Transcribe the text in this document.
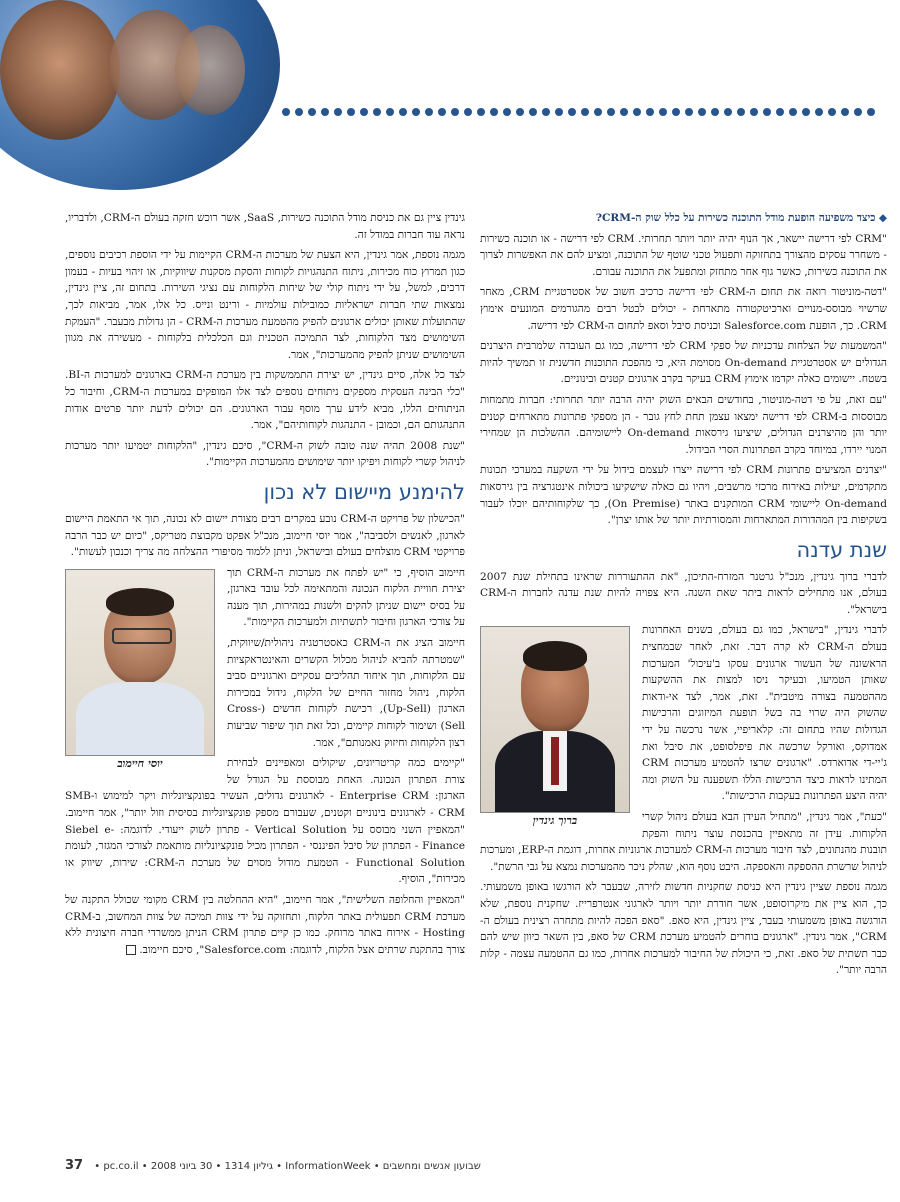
◆ כיצד משפיעה הופעת מודל התוכנה כשירות על כלל שוק ה-CRM?

"CRM לפי דרישה יישאר, אך הנוף יהיה יותר ויותר תחרותי. CRM לפי דרישה - או תוכנה כשירות - משחרר עסקים מהצורך בתחזוקה ותפעול טכני שוטף של התוכנה, ומציע להם את האפשרות לצרוך את התוכנה כשירות, כאשר גוף אחר מתחזק ומתפעל את התוכנה עבורם.

"דטה-מוניטור רואה את תחום ה-CRM לפי דרישה כרכיב חשוב של אסטרטגיית CRM, מאחר שרשיוי מבוסס-מנויים וארכיטקטורה מתארחת - יכולים לבטל רבים מהגורמים המונעים אימוץ CRM. כך, הופעת Salesforce.com וכניסת סיבל וסאפ לתחום ה-CRM לפי דרישה.

"המשמעות של הצלחות עדכניות של ספקי CRM לפי דרישה, כמו גם העובדה שלמרבית היצרנים הגדולים יש אסטרטגיית On-demand מסוימת היא, כי מהפכת התוכנות חדשנית זו תמשיך להיות בשטח. יישומים כאלה יקדמו אימוץ CRM בעיקר בקרב ארגונים קטנים ובינוניים.

"עם זאת, על פי דטה-מוניטור, בחודשים הבאים השוק יהיה הרבה יותר תחרותי: חברות מתמחות מבוססות ב-CRM לפי דרישה ימצאו עצמן תחת לחץ גובר - הן מספקי פתרונות מתארחים קטנים יותר והן מהיצרנים הגדולים, שיציעו גירסאות On-demand ליישומיהם. ההשלכות הן שמחירי המנוי יירדו, במיוחד בקרב הפתרונות הסרי הבידול.

"יצרנים המציעים פתרונות CRM לפי דרישה ייצרו לעצמם בידול על ידי השקעה במערכי תכונות מתקדמים, יעילות באירוח מרכזי מרשבים, ויהיו גם כאלה שישקיעו ביכולות אינטגרציה בין גירסאות On-demand ליישומי CRM המותקנים באתר (On Premise), כך שלקוחותיהם יוכלו לעבור בשקיפות בין המהדורות המתארחות והמסורתיות יותר של אותו יצרן".

שנת עדנה

לדברי ברוך גינדין, מנכ"ל גרטנר המזרח-התיכון, "את ההתעוררות שראינו בתחילת שנת 2007 בעולם, אנו מתחילים לראות ביתר שאת השנה. היא צפויה להיות שנת עדנה לחברות ה-CRM בישראל".

ברוך גינדין

לדברי גינדין, "בישראל, כמו גם בעולם, בשנים האחרונות בעולם ה-CRM לא קרה דבר. זאת, לאחר שבמחצית הראשונה של העשור ארגונים עסקו ב'עיכול' המערכות שאותן הטמיעו, ובעיקר ניסו למצות את ההשקעות מההטמעה בצורה מיטבית". זאת, אמר, לצד אי-ודאות שהשוק היה שרוי בה בשל תופעת המיזוגים והרכישות הגדולות שהיו בתחום זה: קלאריפיי, אשר נרכשה על ידי אמדוקס, ואורקל שרכשה את פיפלסופט, את סיבל ואת ג'יי-די אדוארדס. "ארגונים שרצו להטמיע מערכות CRM המתינו לראות כיצד הרכישות הללו תשפענה על השוק ומה יהיה היצע הפתרונות בעקבות הרכישות".

"כעת", אמר גינדין, "מתחיל העידן הבא בעולם ניהול קשרי הלקוחות. עידן זה מתאפיין בהכנסת עוצר ניתוח והפקת תובנות מהנתונים, לצד חיבור מערכות ה-CRM למערכות ארגוניות אחרות, דוגמת ה-ERP, ומערכות לניהול שרשרת ההספקה והאספקה. היבט נוסף הוא, שהלק ניכר מהמערכות נמצא על גבי הרשת".

מגמה נוספת שציין גינדין היא כניסת שחקניות חדשות לזירה, שבעבר לא הורגשו באופן משמעותי. כך, הוא ציין את מיקרוסופט, אשר חודרת יותר ויותר לארגוני אנטרפרייז. שחקנית נוספת, שלא הורגשה באופן משמעותי בעבר, ציין גינדין, היא סאפ. "סאפ הפכה להיות מתחרה רצינית בעולם ה-CRM", אמר גינדין. "ארגונים בוחרים להטמיע מערכת CRM של סאפ, בין השאר כיוון שיש להם כבר תשתית של סאפ. זאת, כי היכולת של החיבור למערכות אחרות, כמו גם ההטמעה עצמה - קלות הרבה יותר".

גינדין ציין גם את כניסת מודל התוכנה כשירות, SaaS, אשר רוכש חזקה בעולם ה-CRM, ולדבריו, נראה עוד חברות במודל זה.

מגמה נוספת, אמר גינדין, היא הצעת של מערכות ה-CRM הקיימות על ידי הוספת רכיבים נוספים, כגון תמרוץ כוח מכירות, ניתוח התנהגויות לקוחות והסקת מסקנות שיווקיות, או זיהוי בעיות - בעמון דרכים, למשל, על ידי ניתוח קולי של שיחות הלקוחות עם נציגי השירות. בתחום זה, ציין גינדין, נמצאות שתי חברות ישראליות כמובילות עולמיות - ורינט ונייס. כל אלו, אמר, מביאות לכך, שהתועלות שאותן יכולים ארגונים להפיק מהטמעת מערכות ה-CRM - הן גדולות מבעבר. "העמקת השימושים מצד הלקוחות, לצד התמיכה הטכנית וגם הכלכלית בלקוחות - מעשירה את מגוון השימושים שניתן להפיק מהמערכות", אמר.

לצד כל אלה, סיים גינדין, יש יצירת התממשקות בין מערכת ה-CRM בארגונים למערכות ה-BI. "כלי הבינה העסקית מספקים ניתוחים נוספים לצד אלו המופקים במערכות ה-CRM, וחיבור כל הניתוחים הללו, מביא לידע ערך מוסף עבור הארגונים. הם יכולים לדעת יותר פרטים אודות התנהגותם הם, וכמובן - התנהגות לקוחותיהם", אמר.

"שנת 2008 תהיה שנה טובה לשוק ה-CRM", סיכם גינדין, "הלקוחות יטמיעו יותר מערכות לניהול קשרי לקוחות ויפיקו יותר שימושים מהמערכות הקיימות".

להימנע מיישום לא נכון

"הכישלון של פרויקט ה-CRM נובע במקרים רבים מצורת יישום לא נכונה, תוך אי התאמת היישום לארגון, לאנשים ולסביבה", אמר יוסי חיימוב, מנכ"ל אפקט מקבוצת מטריקס, "כיום יש כבר הרבה פרויקטי CRM מוצלחים בעולם ובישראל, וניתן ללמוד מסיפורי ההצלחה מה צריך וכנכון לעשות".

יוסי חיימוב

חיימוב הוסיף, כי "יש לפתח את מערכות ה-CRM תוך יצירת חוויית הלקוח הנכונה והמתאימה לכל עובד בארגון, על בסיס יישום שניתן להקים ולשנות במהירות, תוך מענה על צורכי הארגון וחיבור לתשתיות ולמערכות הקיימות".

חיימוב הציג את ה-CRM כאסטרטגיה ניהולית/שיווקית, "שמטרתה להביא לניהול מכלול הקשרים והאינטראקציות עם הלקוחות, תוך איחוד תהליכים עסקיים וארגוניים סביב הלקוח, ניהול מחזור החיים של הלקוח, גידול במכירות הארגון (Up-Sell), רכישת לקוחות חדשים (Cross-Sell) ושימור לקוחות קיימים, וכל זאת תוך שיפור שביעות רצון הלקוחות וחיזוק נאמנותם", אמר.

"קיימים כמה קריטריונים, שיקולים ומאפיינים לבחירת צורת הפתרון הנכונה. האחת מבוססת על הגודל של הארגון: Enterprise CRM - לארגונים גדולים, העשיר בפונקציונליות ויקר למימוש ו-SMB CRM - לארגונים בינוניים וקטנים, שעבורם מספק פונקציונליות בסיסית וזול יותר", אמר חיימוב. "המאפיין השני מבוסס על Vertical Solution - פתרון לשוק ייעודי. לדוגמה: Siebel e-Finance - הפתרון של סיבל הפיננסי - הפתרון מכיל פונקציונליות מותאמת לצורכי המגזר, לעומת Functional Solution - הטמעת מודול מסוים של מערכת ה-CRM: שירות, שיווק או מכירות", הוסיף.

"המאפיין והחלופה השלישית", אמר חיימוב, "היא ההחלטה בין CRM מקומי שכולל התקנה של מערכת CRM תפעולית באתר הלקוח, ותחזוקה על ידי צוות תמיכה של צוות המחשוב, ב-CRM Hosting - אירוח באתר מרוחק. כמו כן קיים פתרון CRM הניתן ממשרדי חברה חיצונית ללא צורך בהתקנת שרתים אצל הלקוח, לדוגמה: Salesforce.com", סיכם חיימוב.

37 שבועון אנשים ומחשבים • InformationWeek • גיליון 1314 • 30 ביוני 2008 • pc.co.il •
